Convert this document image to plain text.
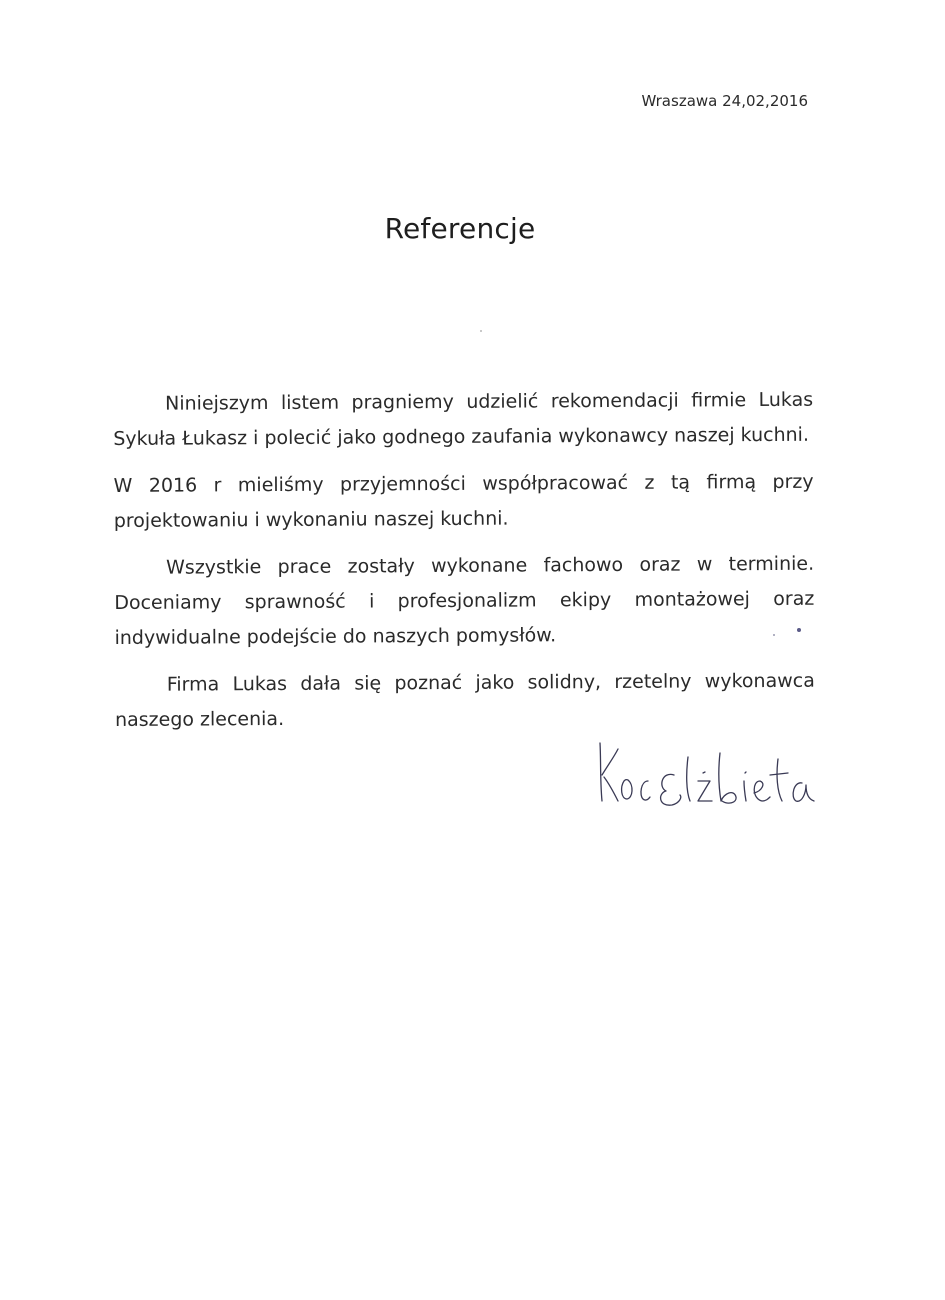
Wraszawa 24,02,2016
Referencje

Niniejszym listem pragniemy udzielić rekomendacji firmie Lukas Sykuła Łukasz i polecić jako godnego zaufania wykonawcy naszej kuchni.

W 2016 r mieliśmy przyjemności współpracować z tą firmą przy projektowaniu i wykonaniu naszej kuchni.

Wszystkie prace zostały wykonane fachowo oraz w terminie. Doceniamy sprawność i profesjonalizm ekipy montażowej oraz indywidualne podejście do naszych pomysłów.

Firma Lukas dała się poznać jako solidny, rzetelny wykonawca naszego zlecenia.
